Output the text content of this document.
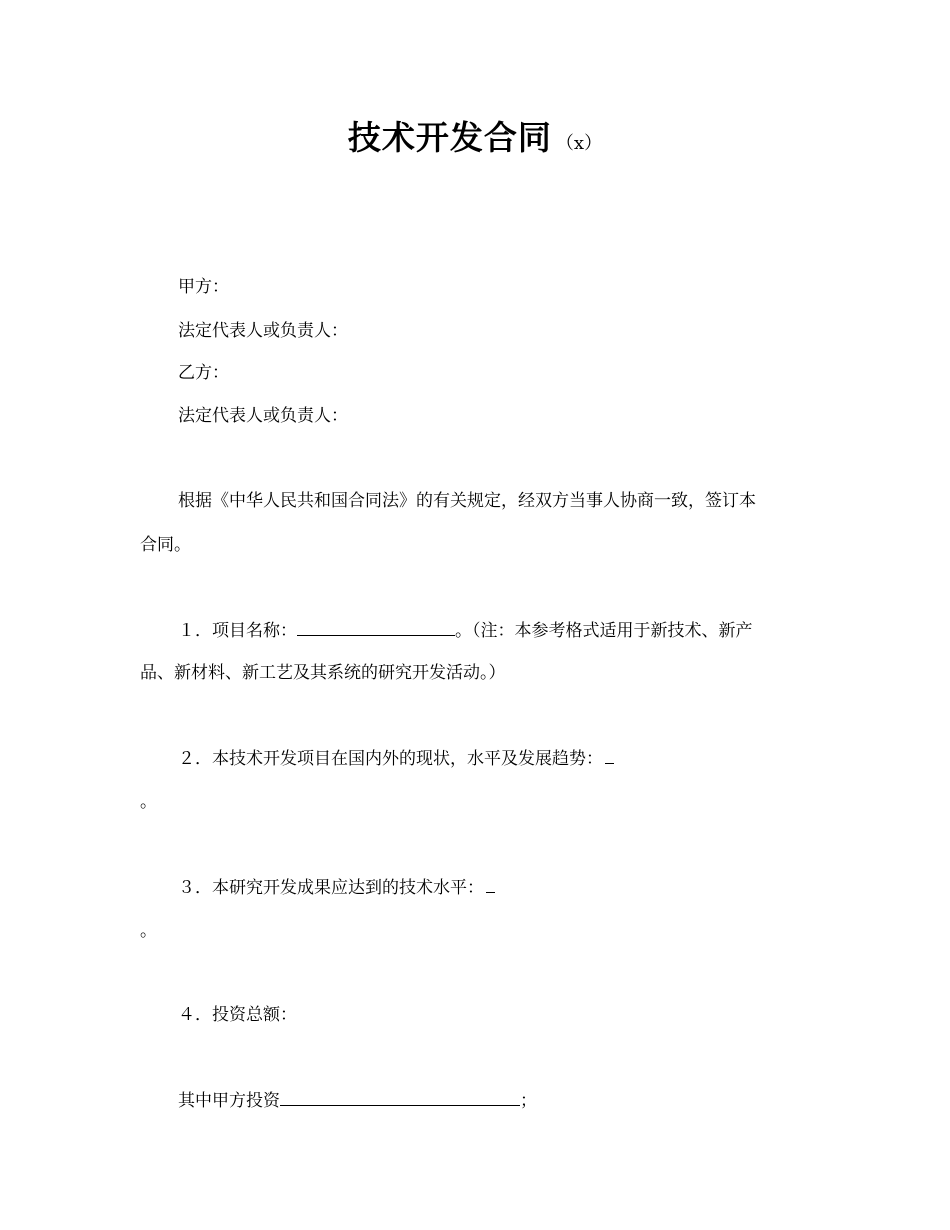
技术开发合同 （x）
甲方：
法定代表人或负责人：
乙方：
法定代表人或负责人：
根据《中华人民共和国合同法》的有关规定，经双方当事人协商一致，签订本
合同。
１．项目名称：	。（注：本参考格式适用于新技术、新产
品、新材料、新工艺及其系统的研究开发活动。）
２．本技术开发项目在国内外的现状，水平及发展趋势：
。
３．本研究开发成果应达到的技术水平：
。
４．投资总额：
其中甲方投资	；
